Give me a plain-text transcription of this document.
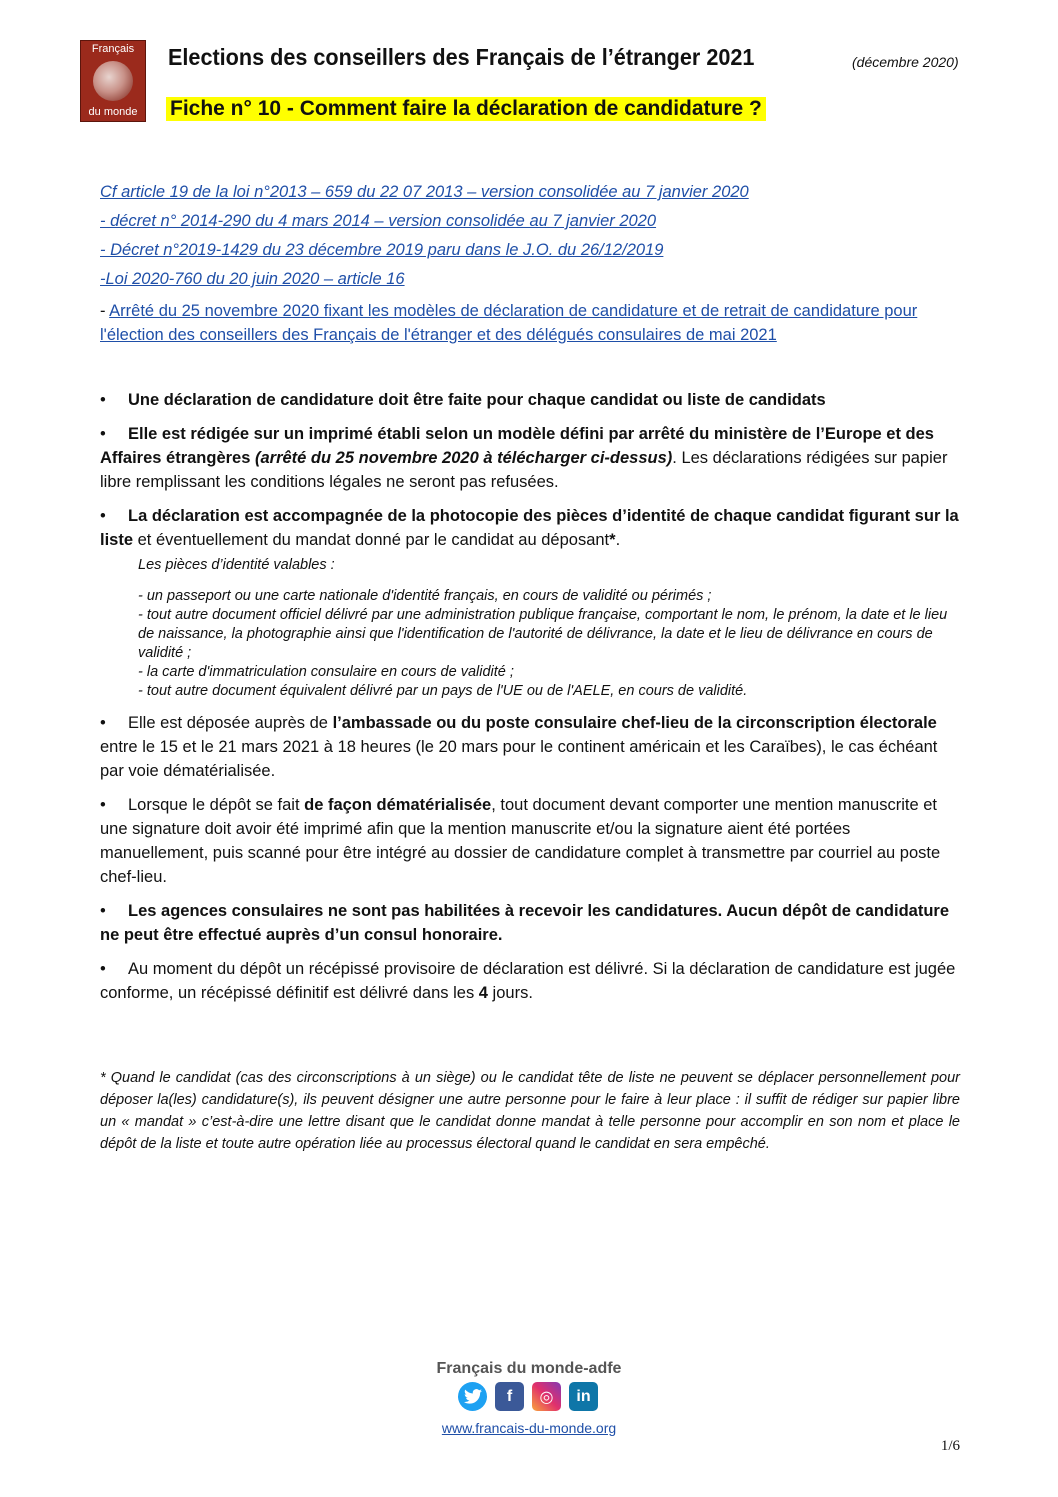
Français
du monde
Elections des conseillers des Français de l’étranger 2021	(décembre 2020)
Fiche n° 10 - Comment faire la déclaration de candidature ?
Cf article 19 de la loi n°2013 – 659 du 22 07 2013 – version consolidée au 7 janvier 2020
- décret n° 2014-290 du 4 mars 2014 – version consolidée au 7 janvier 2020
- Décret n°2019-1429 du 23 décembre 2019 paru dans le J.O. du 26/12/2019
-Loi 2020-760 du 20 juin 2020 – article 16
- Arrêté du 25 novembre 2020 fixant les modèles de déclaration de candidature et de retrait de candidature pour l'élection des conseillers des Français de l'étranger et des délégués consulaires de mai 2021

• Une déclaration de candidature doit être faite pour chaque candidat ou liste de candidats

• Elle est rédigée sur un imprimé établi selon un modèle défini par arrêté du ministère de l’Europe et des Affaires étrangères (arrêté du 25 novembre 2020 à télécharger ci-dessus). Les déclarations rédigées sur papier libre remplissant les conditions légales ne seront pas refusées.

• La déclaration est accompagnée de la photocopie des pièces d’identité de chaque candidat figurant sur la liste et éventuellement du mandat donné par le candidat au déposant*.

Les pièces d’identité valables :
- un passeport ou une carte nationale d'identité français, en cours de validité ou périmés ;
- tout autre document officiel délivré par une administration publique française, comportant le nom, le prénom, la date et le lieu de naissance, la photographie ainsi que l'identification de l'autorité de délivrance, la date et le lieu de délivrance en cours de validité ;
- la carte d'immatriculation consulaire en cours de validité ;
- tout autre document équivalent délivré par un pays de l'UE ou de l'AELE, en cours de validité.

• Elle est déposée auprès de l’ambassade ou du poste consulaire chef-lieu de la circonscription électorale entre le 15 et le 21 mars 2021 à 18 heures (le 20 mars pour le continent américain et les Caraïbes), le cas échéant par voie dématérialisée.

• Lorsque le dépôt se fait de façon dématérialisée, tout document devant comporter une mention manuscrite et une signature doit avoir été imprimé afin que la mention manuscrite et/ou la signature aient été portées manuellement, puis scanné pour être intégré au dossier de candidature complet à transmettre par courriel au poste chef-lieu.

• Les agences consulaires ne sont pas habilitées à recevoir les candidatures. Aucun dépôt de candidature ne peut être effectué auprès d’un consul honoraire.

• Au moment du dépôt un récépissé provisoire de déclaration est délivré. Si la déclaration de candidature est jugée conforme, un récépissé définitif est délivré dans les 4 jours.

* Quand le candidat (cas des circonscriptions à un siège) ou le candidat tête de liste ne peuvent se déplacer personnellement pour déposer la(les) candidature(s), ils peuvent désigner une autre personne pour le faire à leur place : il suffit de rédiger sur papier libre un « mandat » c’est-à-dire une lettre disant que le candidat donne mandat à telle personne pour accomplir en son nom et place le dépôt de la liste et toute autre opération liée au processus électoral quand le candidat en sera empêché.
Français du monde-adfe
f	◎	in
www.francais-du-monde.org
1/6
